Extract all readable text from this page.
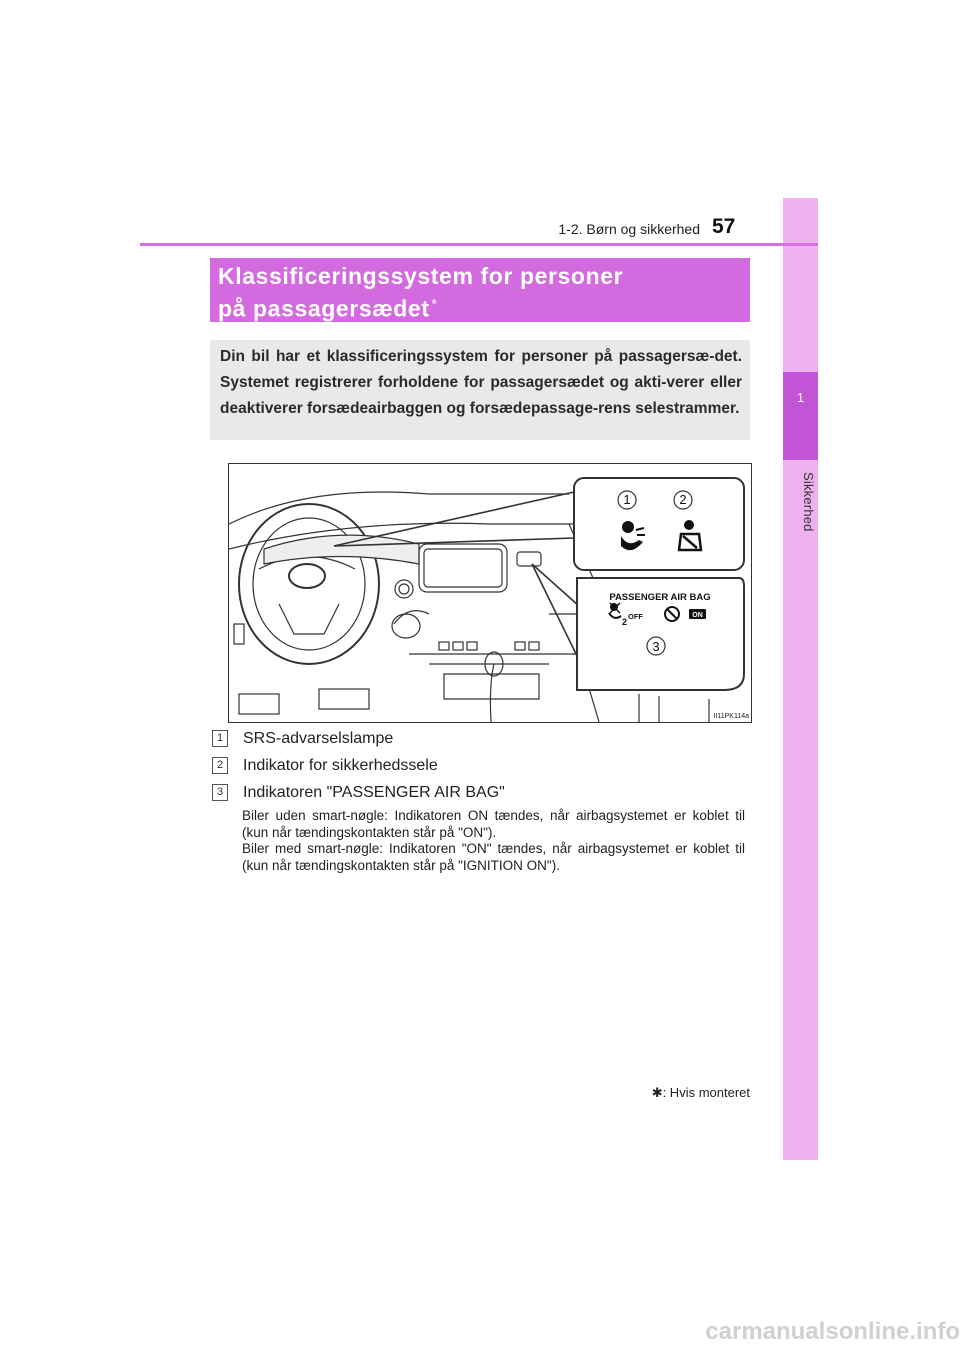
1
Sikkerhed
1-2. Børn og sikkerhed 57
Klassificeringssystem for personer
på passagersædet *
Din bil har et klassificeringssystem for personer på passagersæ-det. Systemet registrerer forholdene for passagersædet og akti-verer eller deaktiverer forsædeairbaggen og forsædepassage-rens selestrammer.
1	2
3
PASSENGER AIR BAG
2
OFF	ON
II11PK114a
1 SRS-advarselslampe
2 Indikator for sikkerhedssele
3 Indikatoren "PASSENGER AIR BAG"

Biler uden smart-nøgle: Indikatoren ON tændes, når airbagsystemet er koblet til (kun når tændingskontakten står på "ON").

Biler med smart-nøgle: Indikatoren "ON" tændes, når airbagsystemet er koblet til (kun når tændingskontakten står på "IGNITION ON").

✱: Hvis monteret
carmanualsonline.info
